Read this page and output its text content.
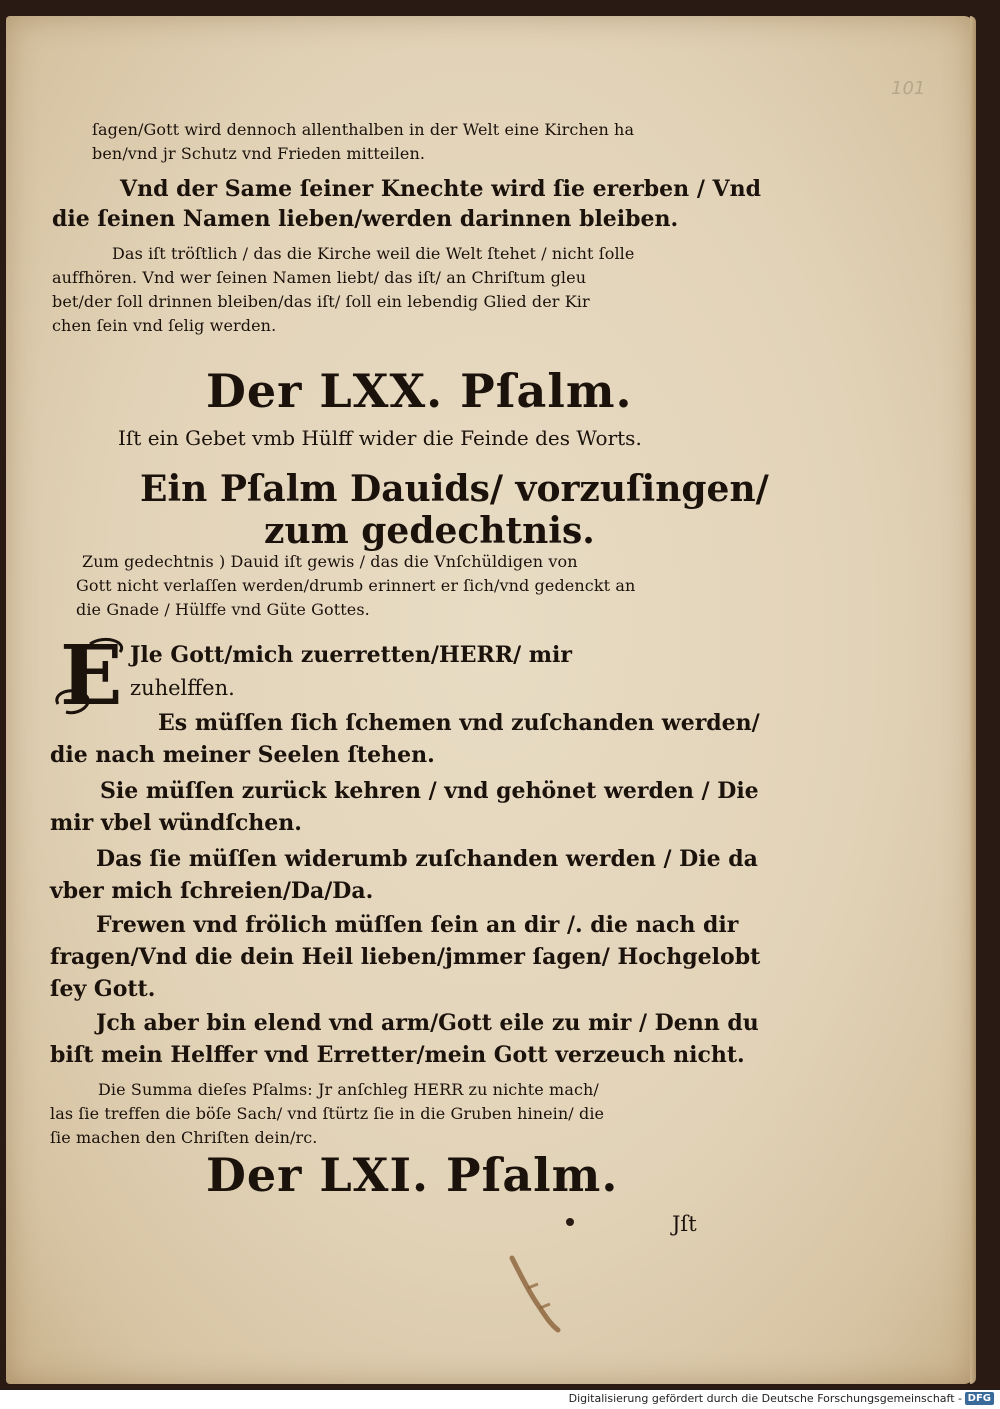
101
ſagen/Gott wird dennoch allenthalben in der Welt eine Kirchen ha
ben/vnd jr Schutz vnd Frieden mitteilen.
Vnd der Same ſeiner Knechte wird ſie ererben / Vnd
die ſeinen Namen lieben/werden darinnen bleiben.
Das iſt tröſtlich / das die Kirche weil die Welt ſtehet / nicht ſolle
auffhören. Vnd wer ſeinen Namen liebt/ das iſt/ an Chriſtum gleu
bet/der ſoll drinnen bleiben/das iſt/ ſoll ein lebendig Glied der Kir
chen ſein vnd ſelig werden.
Der LXX. Pſalm.
Iſt ein Gebet vmb Hülff wider die Feinde des Worts.
Ein Pſalm Dauids/ vorzuſingen/
zum gedechtnis.
Zum gedechtnis ) Dauid iſt gewis / das die Vnſchüldigen von
Gott nicht verlaſſen werden/drumb erinnert er ſich/vnd gedenckt an
die Gnade / Hülffe vnd Güte Gottes.
E Jle Gott/mich zuerretten/HERR/ mir
zuhelffen.
Es müſſen ſich ſchemen vnd zuſchanden werden/
die nach meiner Seelen ſtehen.
Sie müſſen zurück kehren / vnd gehönet werden / Die
mir vbel wündſchen.
Das ſie müſſen widerumb zuſchanden werden / Die da
vber mich ſchreien/Da/Da.
Frewen vnd frölich müſſen ſein an dir /. die nach dir
fragen/Vnd die dein Heil lieben/jmmer ſagen/ Hochgelobt
ſey Gott.
Jch aber bin elend vnd arm/Gott eile zu mir / Denn du
biſt mein Helffer vnd Erretter/mein Gott verzeuch nicht.
Die Summa dieſes Pſalms: Jr anſchleg HERR zu nichte mach/
las ſie treffen die böſe Sach/ vnd ſtürtz ſie in die Gruben hinein/ die
ſie machen den Chriſten dein/rc.
Der LXI. Pſalm.
Jſt
Digitalisierung gefördert durch die Deutsche Forschungsgemeinschaft - DFG
